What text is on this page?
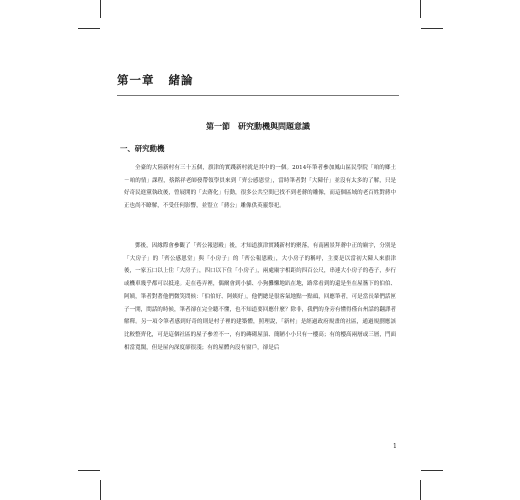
第一章 緒論
第一節 研究動機與問題意識
一、研究動機

全臺的大陸新村有三十五個，旗津的實踐新村就是其中的一個。2014年筆者參加鳳山區民學院「咱的鄉土－咱的情」課程，蔡銘祥老師發帶領學員來到「齊公感恩堂」，當時筆者對「大陳仔」並沒有太多的了解，只是好奇民進黨執政後，曾展開的「去蔣化」行動，很多公共空間已找不到老蔣的雕像，而這個區域的老百姓對蔣中正也尚不瞭解，不受任何影響，並豎立「蔣公」雕像供英靈祭祀。

鄧後，因緣際會參觀了「齊公報恩殿」後，才知道旗津實踐新村的聚落，有南國景拜蔣中正的廟宇，分別是「大房子」的「齊公感恩堂」與「小房子」的「齊公報恩殿」，大小房子的稱呼，主要是以當初大陳人來旗津後，一家五口以上住「大房子」，四口以下住「小房子」，兩處廟宇相距約四百公尺，串連大小房子的巷子，步行或機車幾乎都可以抵達。走在巷弄裡，偶爾會到小貓、小狗攤懶地趴在地，路常看到的還是坐在屋簷下的伯伯、阿姨，筆者對著他們微笑問候：「伯伯好、阿姨好」，他們總是很客氣地點一點頭，回應筆者，可是當長輩們話匣子一開，問話的時候，筆者卻在完全聽不懂，也不知道要回應什麼？除非，我們的身旁有懂得僅台州話的翻譯者解釋。另一項令筆者感到好奇的則是村子裡的建築體，照理說，「新村」是經過政府規畫的社區，通過規劃應該比較整齊化，可是這個社區的屋子參差不一，有的磚砌屋頂、簡陋小小只有一樓高；有的樓高兩層或三層，門面相當寬闊，但是屋內深度卻很淺；有的屋體內沒有窗戶，卻是后

1
